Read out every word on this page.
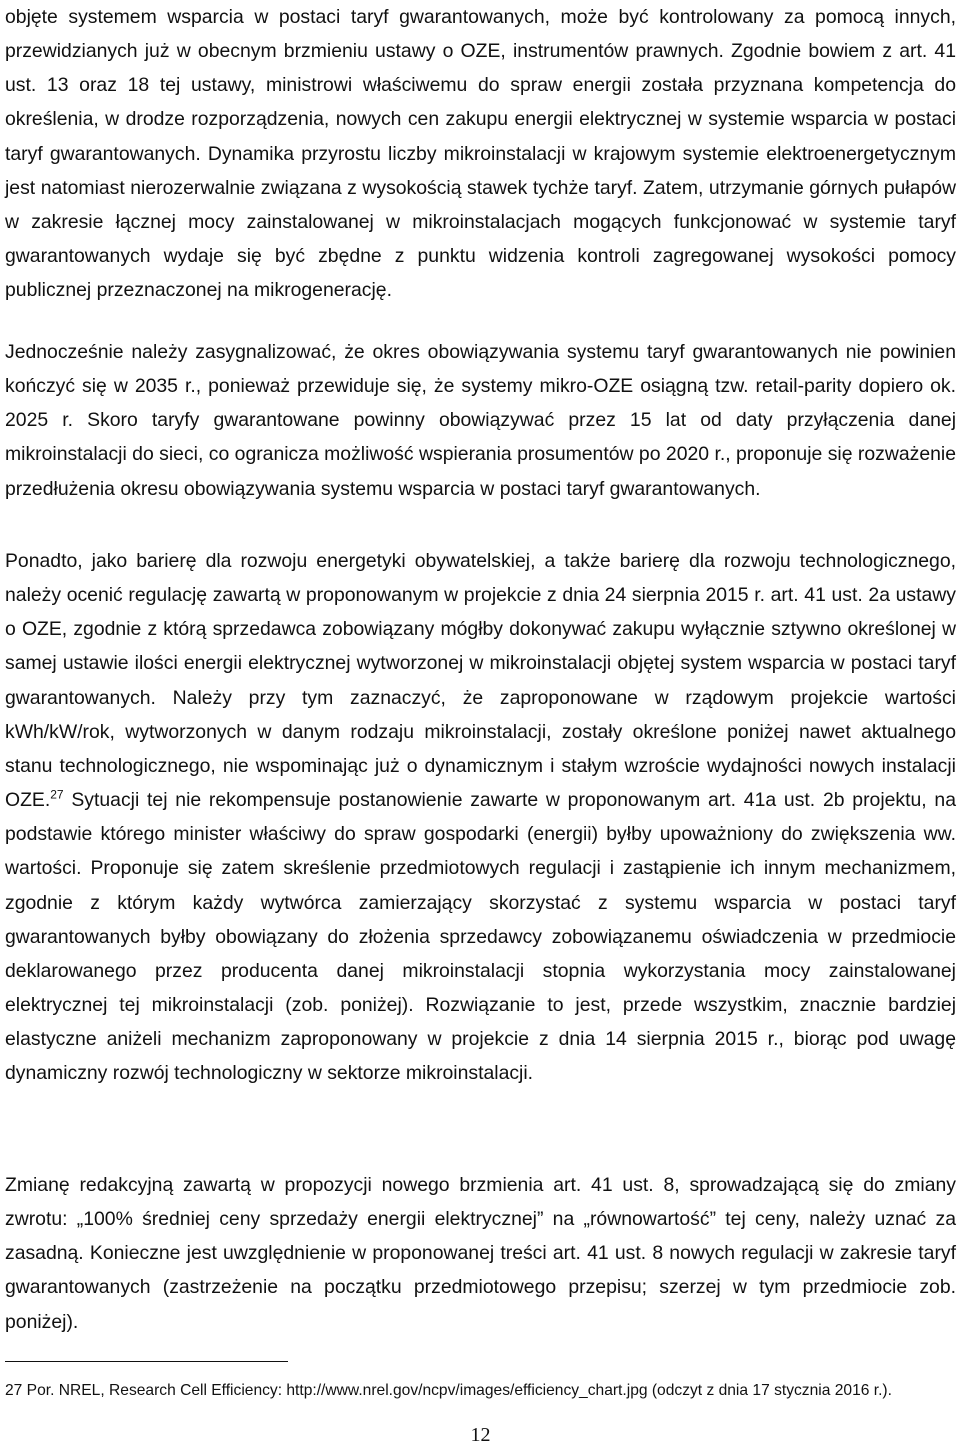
objęte systemem wsparcia w postaci taryf gwarantowanych, może być kontrolowany za pomocą innych, przewidzianych już w obecnym brzmieniu ustawy o OZE, instrumentów prawnych. Zgodnie bowiem z art. 41 ust. 13 oraz 18 tej ustawy, ministrowi właściwemu do spraw energii została przyznana kompetencja do określenia, w drodze rozporządzenia, nowych cen zakupu energii elektrycznej w systemie wsparcia w postaci taryf gwarantowanych. Dynamika przyrostu liczby mikroinstalacji w krajowym systemie elektroenergetycznym jest natomiast nierozerwalnie związana z wysokością stawek tychże taryf. Zatem, utrzymanie górnych pułapów w zakresie łącznej mocy zainstalowanej w mikroinstalacjach mogących funkcjonować w systemie taryf gwarantowanych wydaje się być zbędne z punktu widzenia kontroli zagregowanej wysokości pomocy publicznej przeznaczonej na mikrogenerację.

Jednocześnie należy zasygnalizować, że okres obowiązywania systemu taryf gwarantowanych nie powinien kończyć się w 2035 r., ponieważ przewiduje się, że systemy mikro-OZE osiągną tzw. retail-parity dopiero ok. 2025 r. Skoro taryfy gwarantowane powinny obowiązywać przez 15 lat od daty przyłączenia danej mikroinstalacji do sieci, co ogranicza możliwość wspierania prosumentów po 2020 r., proponuje się rozważenie przedłużenia okresu obowiązywania systemu wsparcia w postaci taryf gwarantowanych.

Ponadto, jako barierę dla rozwoju energetyki obywatelskiej, a także barierę dla rozwoju technologicznego, należy ocenić regulację zawartą w proponowanym w projekcie z dnia 24 sierpnia 2015 r. art. 41 ust. 2a ustawy o OZE, zgodnie z którą sprzedawca zobowiązany mógłby dokonywać zakupu wyłącznie sztywno określonej w samej ustawie ilości energii elektrycznej wytworzonej w mikroinstalacji objętej system wsparcia w postaci taryf gwarantowanych. Należy przy tym zaznaczyć, że zaproponowane w rządowym projekcie wartości kWh/kW/rok, wytworzonych w danym rodzaju mikroinstalacji, zostały określone poniżej nawet aktualnego stanu technologicznego, nie wspominając już o dynamicznym i stałym wzroście wydajności nowych instalacji OZE.$^{27}$ Sytuacji tej nie rekompensuje postanowienie zawarte w proponowanym art. 41a ust. 2b projektu, na podstawie którego minister właściwy do spraw gospodarki (energii) byłby upoważniony do zwiększenia ww. wartości. Proponuje się zatem skreślenie przedmiotowych regulacji i zastąpienie ich innym mechanizmem, zgodnie z którym każdy wytwórca zamierzający skorzystać z systemu wsparcia w postaci taryf gwarantowanych byłby obowiązany do złożenia sprzedawcy zobowiązanemu oświadczenia w przedmiocie deklarowanego przez producenta danej mikroinstalacji stopnia wykorzystania mocy zainstalowanej elektrycznej tej mikroinstalacji (zob. poniżej). Rozwiązanie to jest, przede wszystkim, znacznie bardziej elastyczne aniżeli mechanizm zaproponowany w projekcie z dnia 14 sierpnia 2015 r., biorąc pod uwagę dynamiczny rozwój technologiczny w sektorze mikroinstalacji.

Zmianę redakcyjną zawartą w propozycji nowego brzmienia art. 41 ust. 8, sprowadzającą się do zmiany zwrotu: „100% średniej ceny sprzedaży energii elektrycznej” na „równowartość” tej ceny, należy uznać za zasadną. Konieczne jest uwzględnienie w proponowanej treści art. 41 ust. 8 nowych regulacji w zakresie taryf gwarantowanych (zastrzeżenie na początku przedmiotowego przepisu; szerzej w tym przedmiocie zob. poniżej).

27 Por. NREL, Research Cell Efficiency: http://www.nrel.gov/ncpv/images/efficiency_chart.jpg (odczyt z dnia 17 stycznia 2016 r.).
12
